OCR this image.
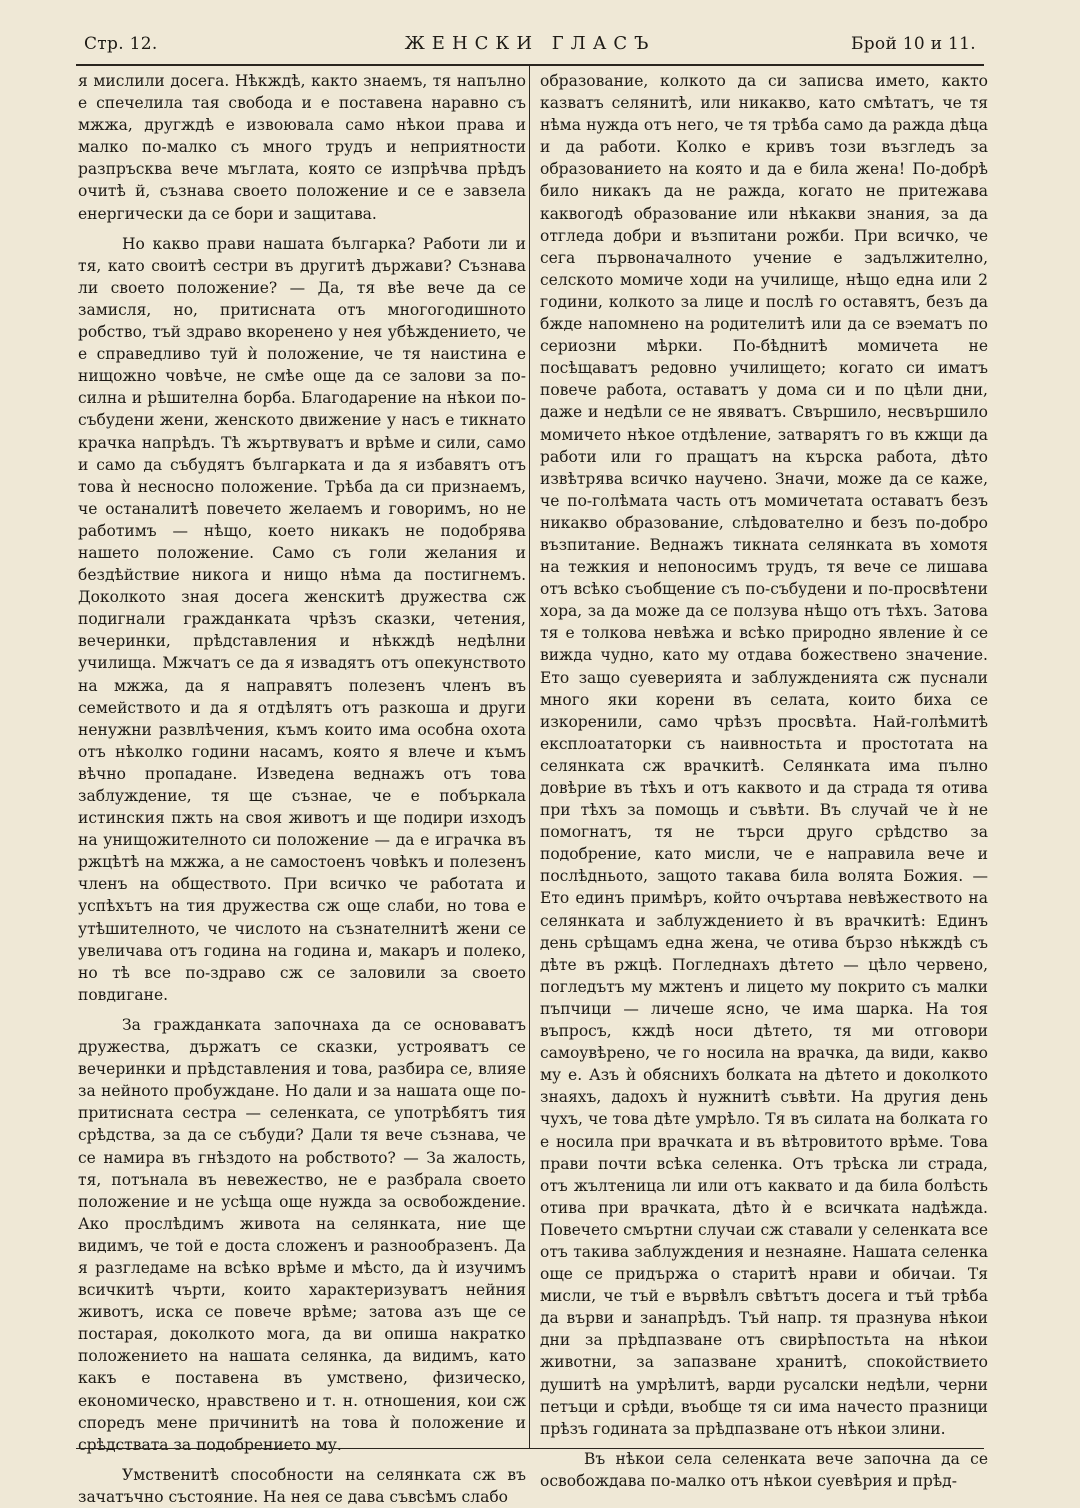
Стр. 12.	ЖЕНСКИ ГЛАСЪ	Брой 10 и 11.

я мислили досега. Нѣкждѣ, както знаемъ, тя напълно е спечелила тая свобода и е поставена наравно съ мжжа, другждѣ е извоювала само нѣкои права и малко по-малко съ много трудъ и неприятности разпръсква вече мъглата, която се изпрѣчва прѣдъ очитѣ й, съзнава своето положение и се е завзела енергически да се бори и защитава.

Но какво прави нашата българка? Работи ли и тя, като своитѣ сестри въ другитѣ държави? Съзнава ли своето положение? — Да, тя вѣе вече да се замисля, но, притисната отъ многогодишното робство, тъй здраво вкоренено у нея убѣждението, че е справедливо туй ѝ положение, че тя наистина е нищожно човѣче, не смѣе още да се залови за по-силна и рѣшителна борба. Благодарение на нѣкои по-събудени жени, женското движение у насъ е тикнато крачка напрѣдъ. Тѣ жъртвуватъ и врѣме и сили, само и само да събудятъ българката и да я избавятъ отъ това ѝ несносно положение. Трѣба да си признаемъ, че останалитѣ повечето желаемъ и говоримъ, но не работимъ — нѣщо, което никакъ не подобрява нашето положение. Само съ голи желания и бездѣйствие никога и нищо нѣма да постигнемъ. Доколкото зная досега женскитѣ дружества сж подигнали гражданката чрѣзъ сказки, четения, вечеринки, прѣдставления и нѣкждѣ недѣлни училища. Мжчатъ се да я извадятъ отъ опекунството на мжжа, да я направятъ полезенъ членъ въ семейството и да я отдѣлятъ отъ разкоша и други ненужни развлѣчения, къмъ които има особна охота отъ нѣколко години насамъ, която я влече и къмъ вѣчно пропадане. Изведена веднажъ отъ това заблуждение, тя ще съзнае, че е побъркала истинския пжть на своя животъ и ще подири изходъ на унищожителното си положение — да е играчка въ ржцѣтѣ на мжжа, а не самостоенъ човѣкъ и полезенъ членъ на обществото. При всичко че работата и успѣхътъ на тия дружества сж още слаби, но това е утѣшителното, че числото на съзнателнитѣ жени се увеличава отъ година на година и, макаръ и полеко, но тѣ все по-здраво сж се заловили за своето повдигане.

За гражданката започнаха да се основаватъ дружества, държатъ се сказки, устрояватъ се вечеринки и прѣдставления и това, разбира се, влияе за нейното пробуждане. Но дали и за нашата още по-притисната сестра — селенката, се употрѣбятъ тия срѣдства, за да се събуди? Дали тя вече съзнава, че се намира въ гнѣздото на робството? — За жалость, тя, потънала въ невежество, не е разбрала своето положение и не усѣща още нужда за освобождение. Ако прослѣдимъ живота на селянката, ние ще видимъ, че той е доста сложенъ и разнообразенъ. Да я разгледаме на всѣко врѣме и мѣсто, да ѝ изучимъ всичкитѣ чърти, които характеризуватъ нейния животъ, иска се повече врѣме; затова азъ ще се постарая, доколкото мога, да ви опиша накратко положението на нашата селянка, да видимъ, като какъ е поставена въ умствено, физическо, економическо, нравствено и т. н. отношения, кои сж споредъ мене причинитѣ на това ѝ положение и срѣдствата за подобрението му.

Умственитѣ способности на селянката сж въ зачатъчно състояние. На нея се дава съвсѣмъ слабо

образование, колкото да си записва името, както казватъ селянитѣ, или никакво, като смѣтатъ, че тя нѣма нужда отъ него, че тя трѣба само да ражда дѣца и да работи. Колко е кривъ този възгледъ за образованието на която и да е била жена! По-добрѣ било никакъ да не ражда, когато не притежава каквогодѣ образование или нѣкакви знания, за да отгледа добри и възпитани рожби. При всичко, че сега първоначалното учение е задължително, селското момиче ходи на училище, нѣщо една или 2 години, колкото за лице и послѣ го оставятъ, безъ да бжде напомнено на родителитѣ или да се вэематъ по сериозни мѣрки. По-бѣднитѣ момичета не посѣщаватъ редовно училището; когато си иматъ повече работа, оставатъ у дома си и по цѣли дни, даже и недѣли се не явяватъ. Свършило, несвършило момичето нѣкое отдѣление, затварятъ го въ кжщи да работи или го пращатъ на кърска работа, дѣто извѣтрява всичко научено. Значи, може да се каже, че по-голѣмата часть отъ момичетата оставатъ безъ никакво образование, слѣдователно и безъ по-добро възпитание. Веднажъ тикната селянката въ хомотя на тежкия и непоносимъ трудъ, тя вече се лишава отъ всѣко съобщение съ по-събудени и по-просвѣтени хора, за да може да се ползува нѣщо отъ тѣхъ. Затова тя е толкова невѣжа и всѣко природно явление ѝ се вижда чудно, като му отдава божествено значение. Ето защо суеверията и заблужденията сж пуснали много яки корени въ селата, които биха се изкоренили, само чрѣзъ просвѣта. Най-голѣмитѣ експлоататорки съ наивностьта и простотата на селянката сж врачкитѣ. Селянката има пълно довѣрие въ тѣхъ и отъ каквото и да страда тя отива при тѣхъ за помощь и съвѣти. Въ случай че ѝ не помогнатъ, тя не търси друго срѣдство за подобрение, като мисли, че е направила вече и послѣдньото, защото такава била волята Божия. — Ето единъ примѣръ, който очъртава невѣжеството на селянката и заблуждението ѝ въ врачкитѣ: Единъ день срѣщамъ една жена, че отива бързо нѣкждѣ съ дѣте въ ржцѣ. Погледнахъ дѣтето — цѣло червено, погледътъ му мжтенъ и лицето му покрито съ малки пъпчици — личеше ясно, че има шарка. На тоя въпросъ, кждѣ носи дѣтето, тя ми отговори самоувѣрено, че го носила на врачка, да види, какво му е. Азъ ѝ обяснихъ болката на дѣтето и доколкото знаяхъ, дадохъ ѝ нужнитѣ съвѣти. На другия день чухъ, че това дѣте умрѣло. Тя въ силата на болката го е носила при врачката и въ вѣтровитото врѣме. Това прави почти всѣка селенка. Отъ трѣска ли страда, отъ жълтеница ли или отъ каквато и да била болѣсть отива при врачката, дѣто ѝ е всичката надѣжда. Повечето смъртни случаи сж ставали у селенката все отъ такива заблуждения и незнаяне. Нашата селенка още се придържа о старитѣ нрави и обичаи. Тя мисли, че тъй е вървѣлъ свѣтътъ досега и тъй трѣба да върви и занапрѣдъ. Тъй напр. тя празнува нѣкои дни за прѣдпазване отъ свирѣпостьта на нѣкои животни, за запазване хранитѣ, спокойствието душитѣ на умрѣлитѣ, варди русалски недѣли, черни петъци и срѣди, въобще тя си има начесто празници прѣзъ годината за прѣдпазване отъ нѣкои злини.

Въ нѣкои села селенката вече започна да се освобождава по-малко отъ нѣкои суевѣрия и прѣд-
